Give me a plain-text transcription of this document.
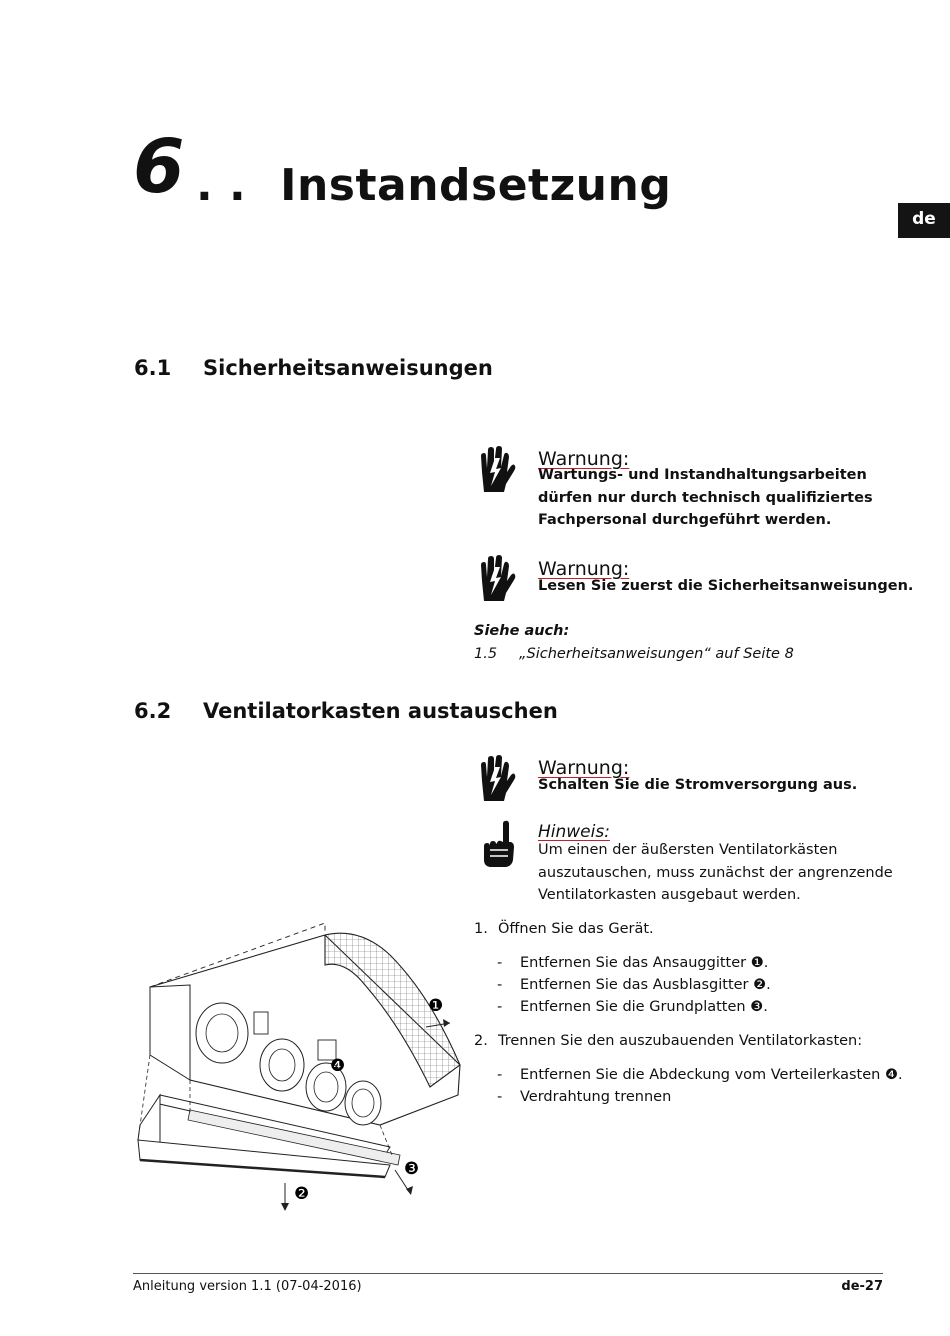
6 . . Instandsetzung
de
6.1 Sicherheitsanweisungen
Warnung:
Wartungs- und Instandhaltungsarbeiten
dürfen nur durch technisch qualifiziertes
Fachpersonal durchgeführt werden.
Warnung:
Lesen Sie zuerst die Sicherheitsanweisungen.
Siehe auch:
1.5 „Sicherheitsanweisungen“ auf Seite 8
6.2 Ventilatorkasten austauschen
Warnung:
Schalten Sie die Stromversorgung aus.
Hinweis:
Um einen der äußersten Ventilatorkästen
auszutauschen, muss zunächst der angrenzende
Ventilatorkasten ausgebaut werden.
1. Öffnen Sie das Gerät.
- Entfernen Sie das Ansauggitter ❶.
- Entfernen Sie das Ausblasgitter ❷.
- Entfernen Sie die Grundplatten ❸.
2. Trennen Sie den auszubauenden Ventilatorkasten:
- Entfernen Sie die Abdeckung vom Verteilerkasten ❹.
- Verdrahtung trennen
❶
❷
❸
❹
Anleitung version 1.1 (07-04-2016)	de-27
